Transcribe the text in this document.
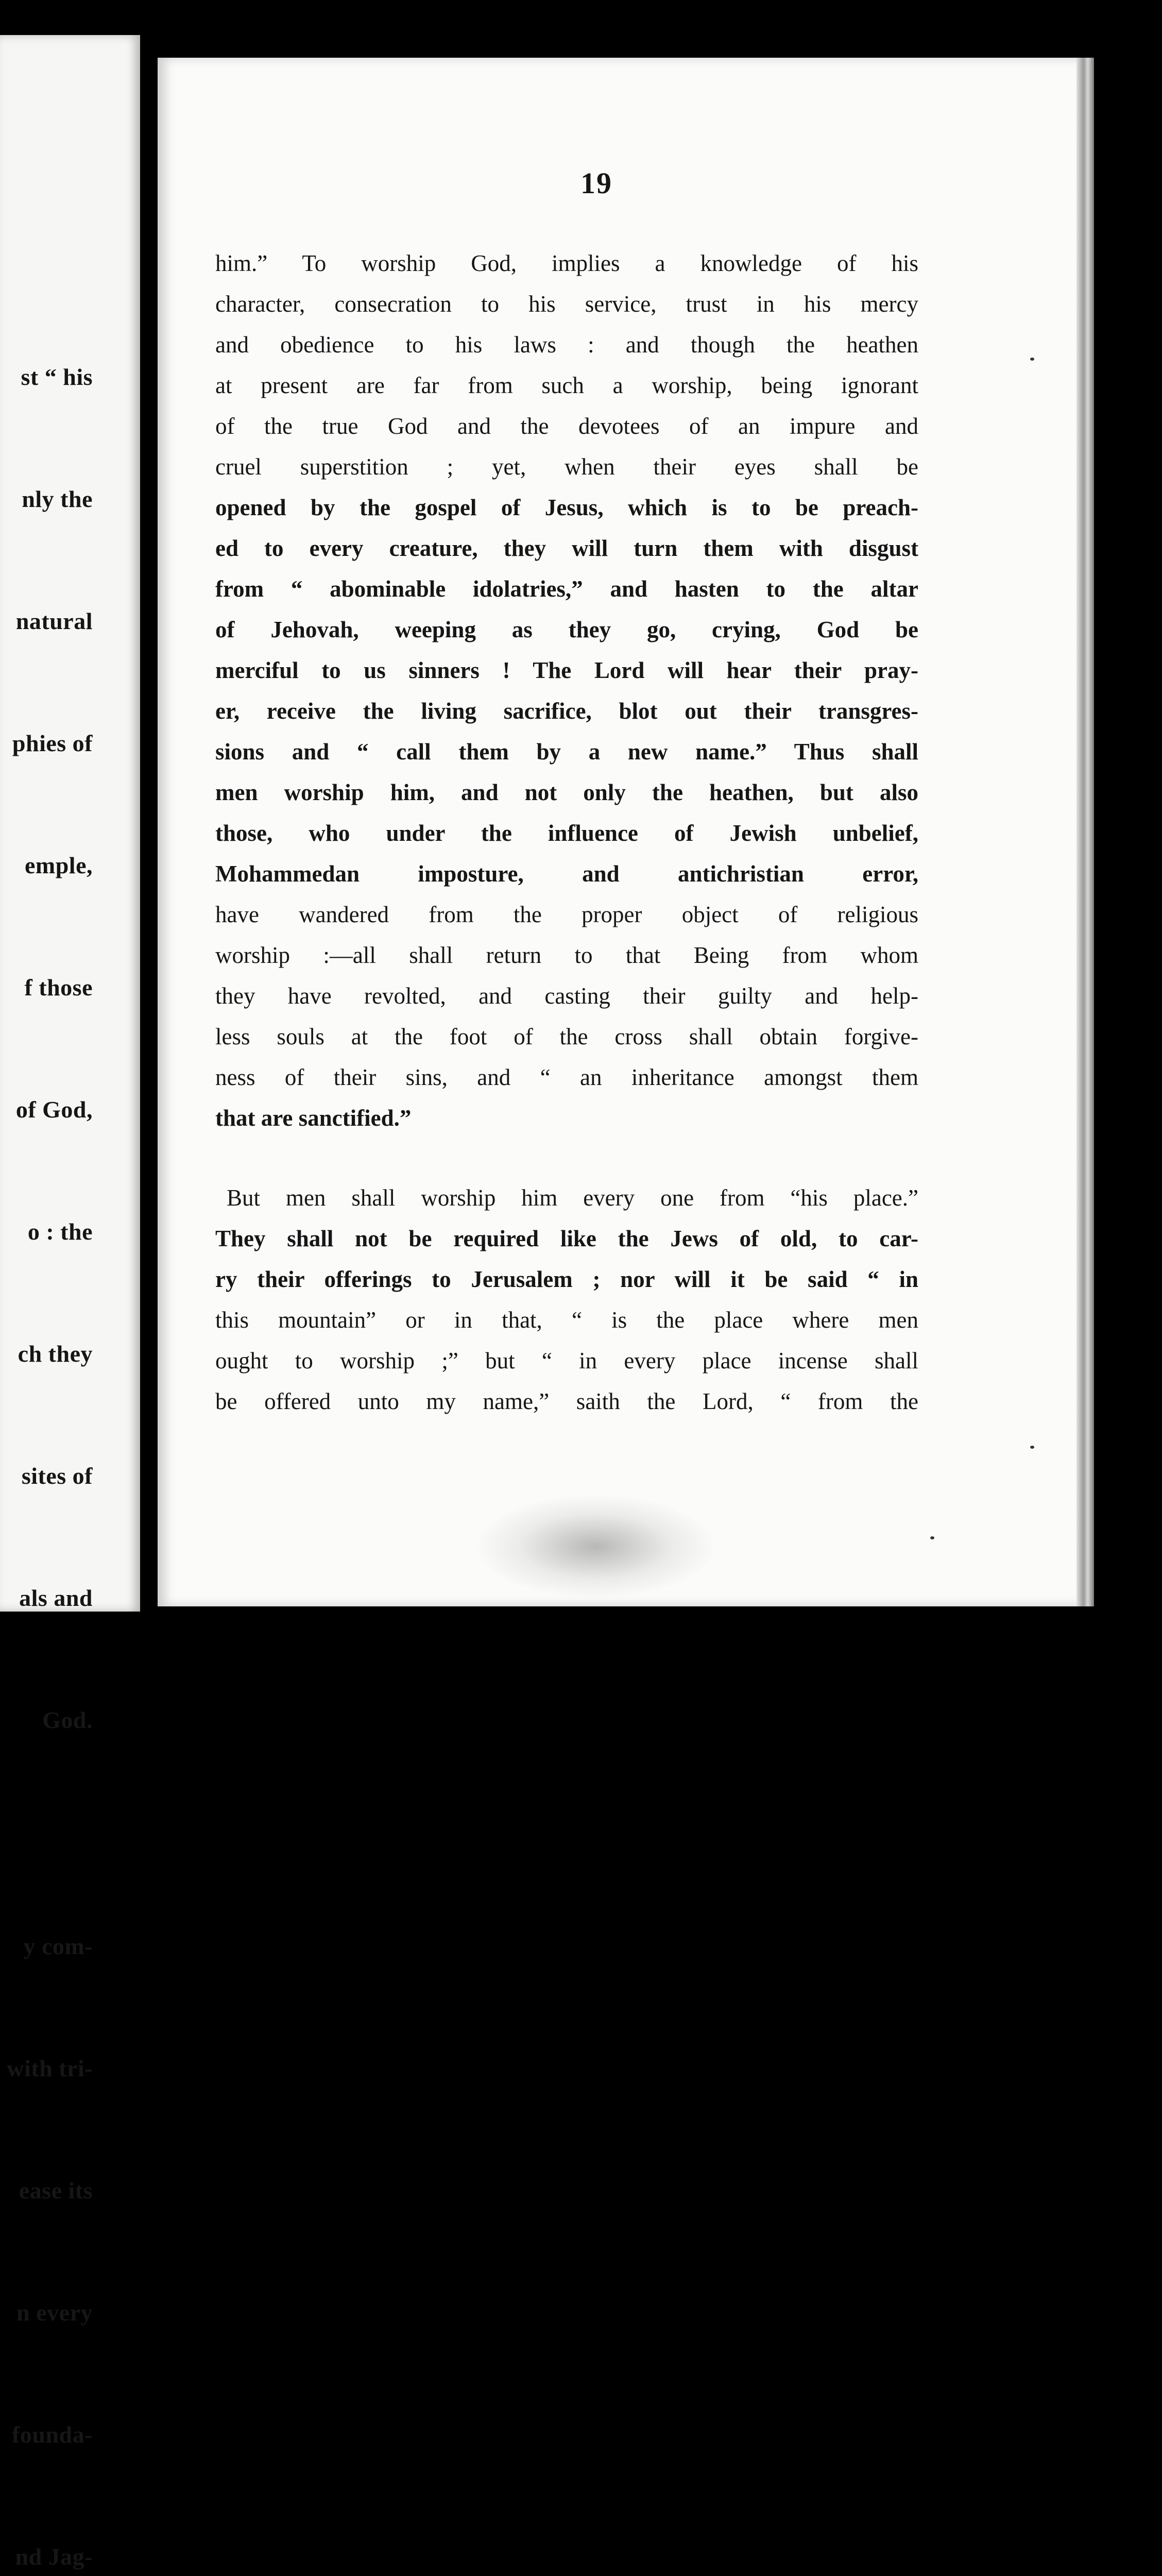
st “ his

nly the

natural

phies of

emple,

f those

of God,

o : the

ch they

sites of

als and

God.

y com-

with tri-

ease its

n every

founda-

nd Jag-

19
him.” To worship God, implies a knowledge of his
character, consecration to his service, trust in his mercy
and obedience to his laws : and though the heathen
at present are far from such a worship, being ignorant
of the true God and the devotees of an impure and
cruel superstition ; yet, when their eyes shall be
opened by the gospel of Jesus, which is to be preach-
ed to every creature, they will turn them with disgust
from “ abominable idolatries,” and hasten to the altar
of Jehovah, weeping as they go, crying, God be
merciful to us sinners ! The Lord will hear their pray-
er, receive the living sacrifice, blot out their transgres-
sions and “ call them by a new name.” Thus shall
men worship him, and not only the heathen, but also
those, who under the influence of Jewish unbelief,
Mohammedan imposture, and antichristian error,
have wandered from the proper object of religious
worship :—all shall return to that Being from whom
they have revolted, and casting their guilty and help-
less souls at the foot of the cross shall obtain forgive-
ness of their sins, and “ an inheritance amongst them
that are sanctified.”
But men shall worship him every one from “his place.”
They shall not be required like the Jews of old, to car-
ry their offerings to Jerusalem ; nor will it be said “ in
this mountain” or in that, “ is the place where men
ought to worship ;” but “ in every place incense shall
be offered unto my name,” saith the Lord, “ from the
